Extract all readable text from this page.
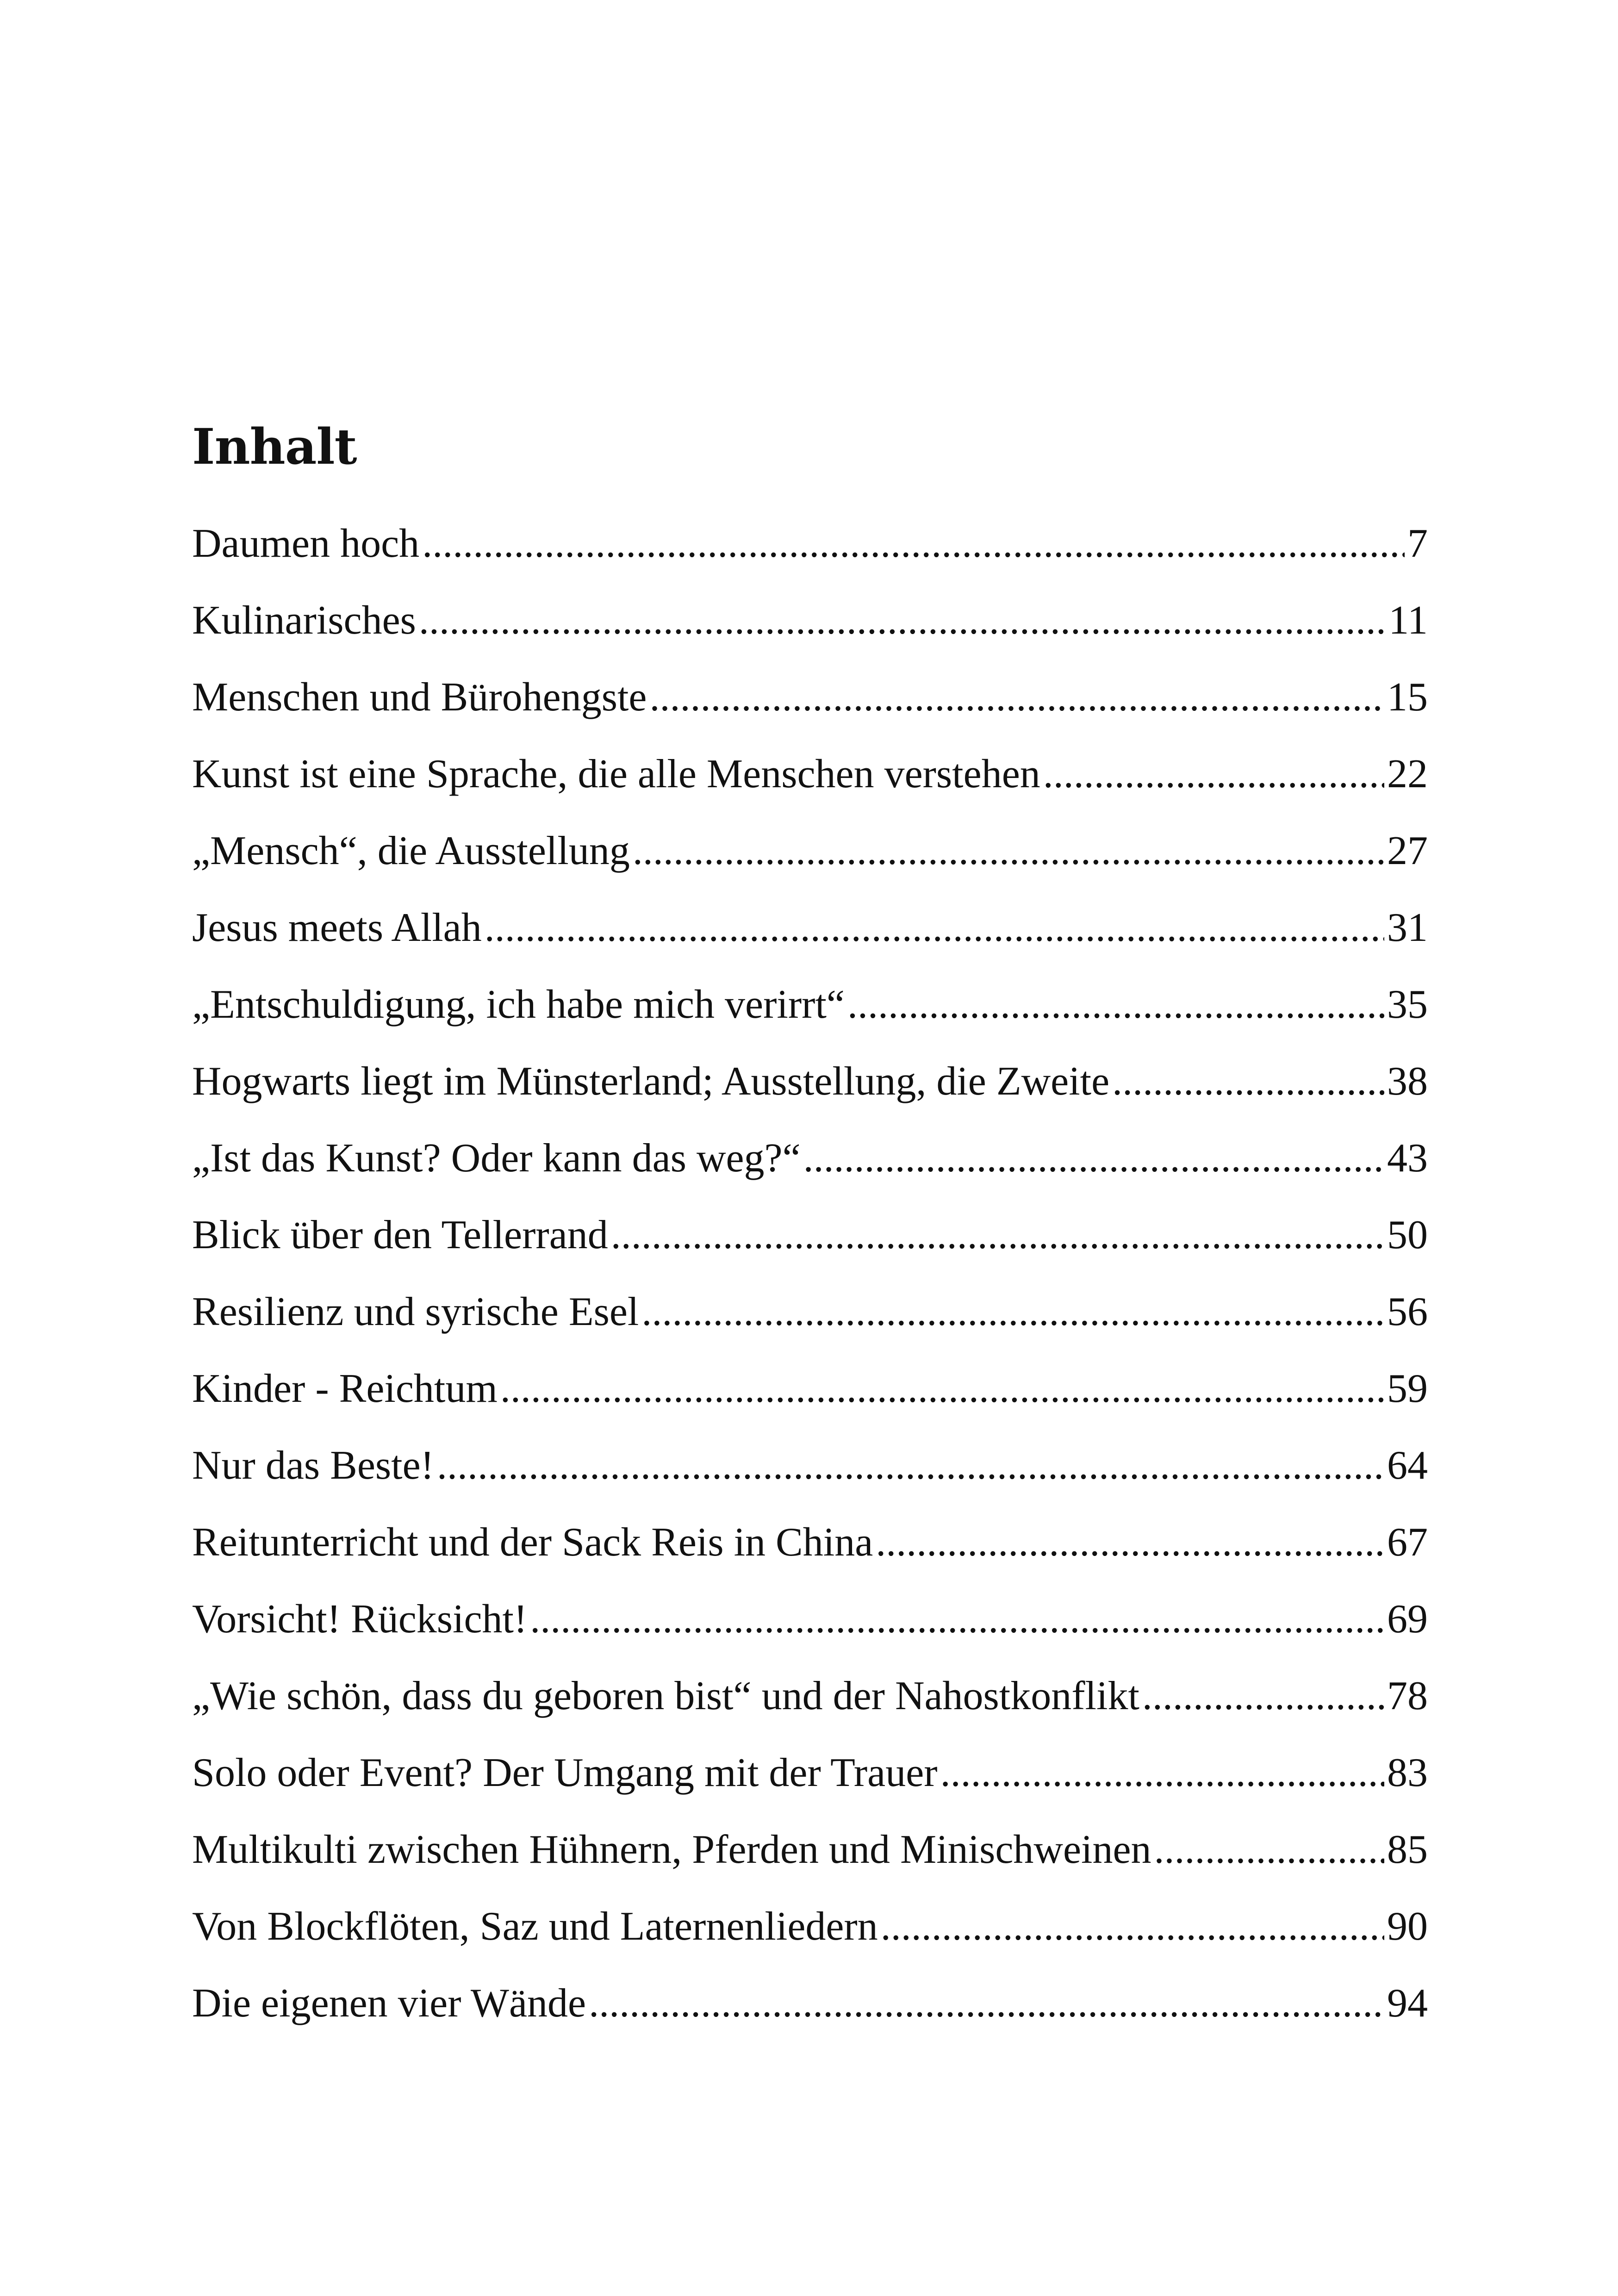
Inhalt
Daumen hoch .....	7
Kulinarisches .....	11
Menschen und Bürohengste .....	15
Kunst ist eine Sprache, die alle Menschen verstehen .....	22
„Mensch“, die Ausstellung .....	27
Jesus meets Allah .....	31
„Entschuldigung, ich habe mich verirrt“ .....	35
Hogwarts liegt im Münsterland; Ausstellung, die Zweite .....	38
„Ist das Kunst? Oder kann das weg?“ .....	43
Blick über den Tellerrand .....	50
Resilienz und syrische Esel .....	56
Kinder - Reichtum .....	59
Nur das Beste! .....	64
Reitunterricht und der Sack Reis in China .....	67
Vorsicht! Rücksicht! .....	69
„Wie schön, dass du geboren bist“ und der Nahostkonflikt .....	78
Solo oder Event? Der Umgang mit der Trauer .....	83
Multikulti zwischen Hühnern, Pferden und Minischweinen .....	85
Von Blockflöten, Saz und Laternenliedern .....	90
Die eigenen vier Wände .....	94
